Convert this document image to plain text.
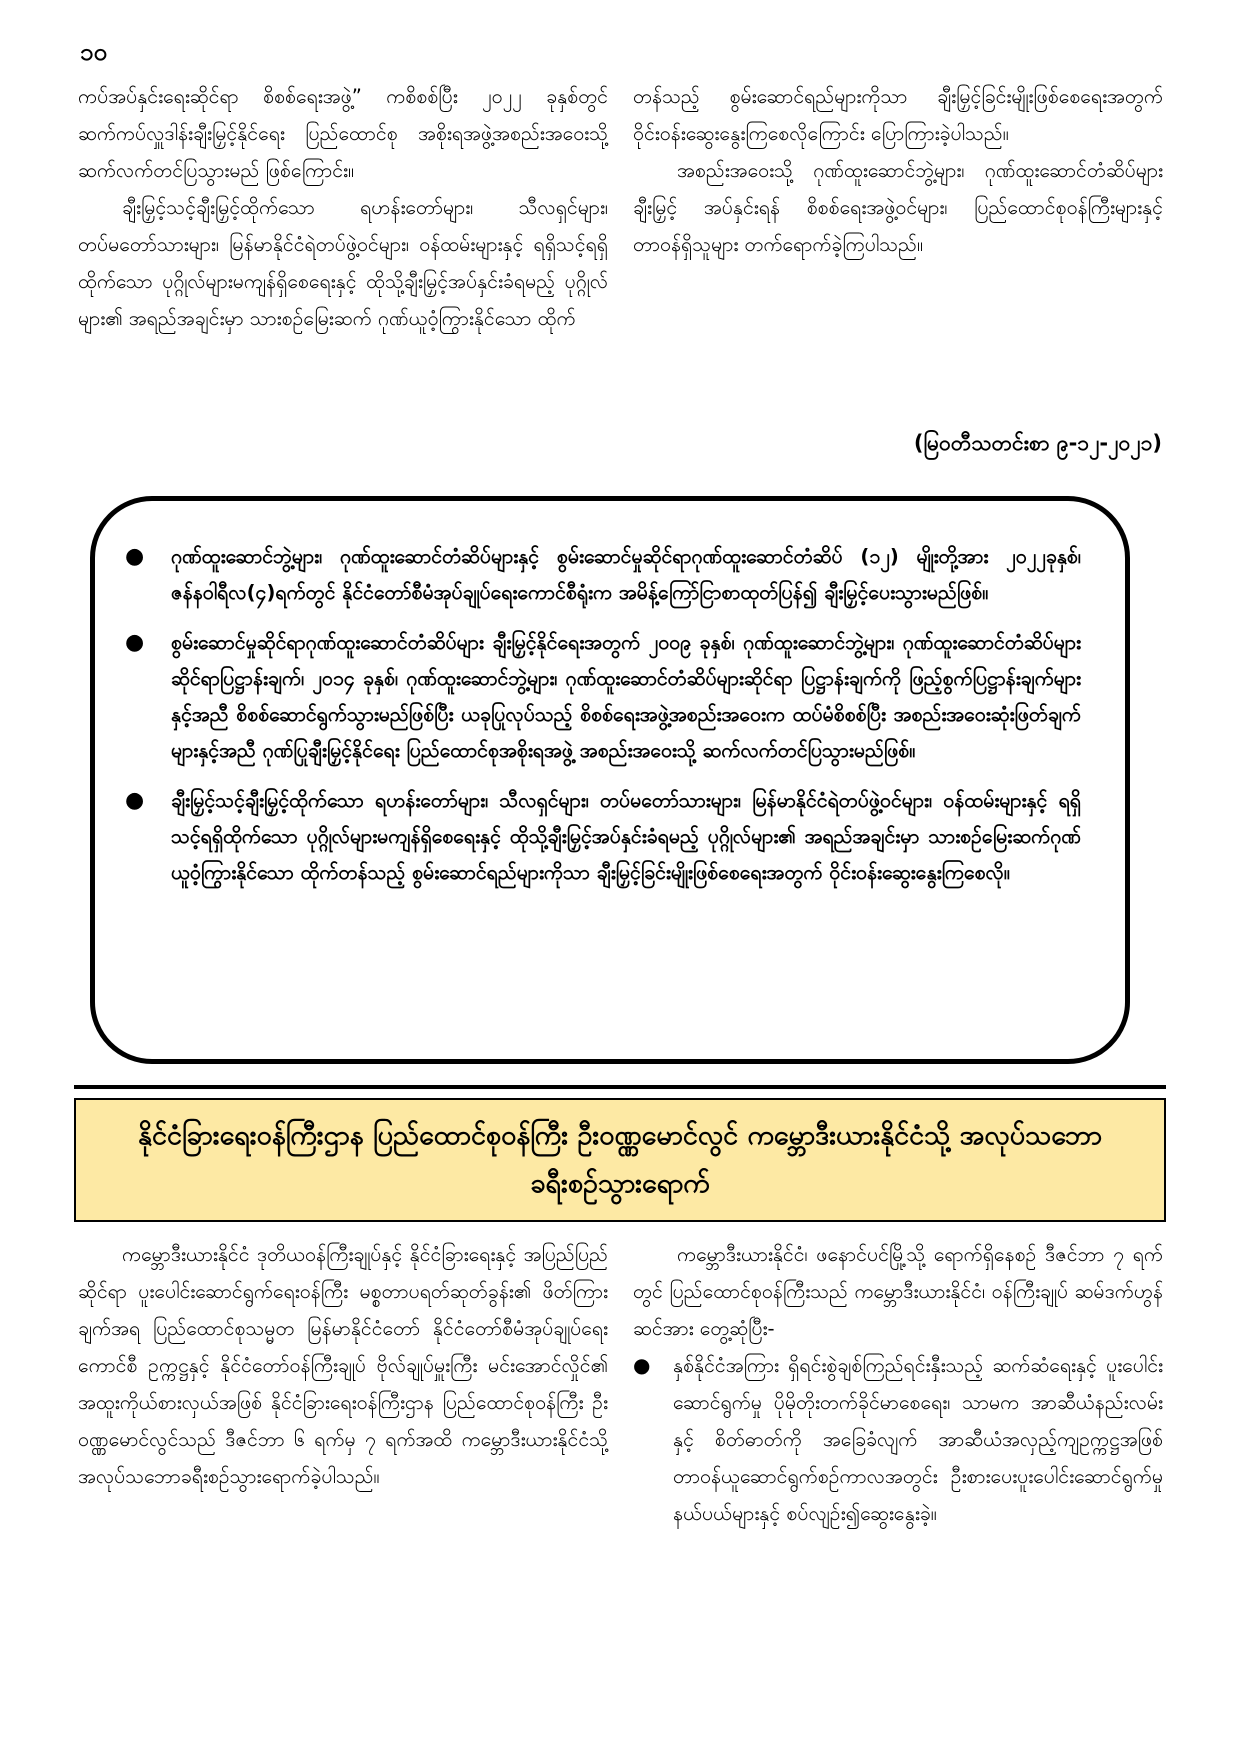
၁၀

ကပ်အပ်နှင်းရေးဆိုင်ရာ စိစစ်ရေးအဖွဲ့” ကစိစစ်ပြီး ၂၀၂၂ ခုနှစ်တွင် ဆက်ကပ်လှူဒါန်းချီးမြှင့်နိုင်ရေး ပြည်ထောင်စု အစိုးရအဖွဲ့အစည်းအဝေးသို့ ဆက်လက်တင်ပြသွားမည် ဖြစ်ကြောင်း။

ချီးမြှင့်သင့်ချီးမြှင့်ထိုက်သော ရဟန်းတော်များ၊ သီလရှင်များ၊ တပ်မတော်သားများ၊ မြန်မာနိုင်ငံရဲတပ်ဖွဲ့ဝင်များ၊ ဝန်ထမ်းများနှင့် ရရှိသင့်ရရှိထိုက်သော ပုဂ္ဂိုလ်များမကျန်ရှိစေရေးနှင့် ထိုသို့ချီးမြှင့်အပ်နှင်းခံရမည့် ပုဂ္ဂိုလ်များ၏ အရည်အချင်းမှာ သားစဉ်မြေးဆက် ဂုဏ်ယူဝံ့ကြွားနိုင်သော ထိုက်

တန်သည့် စွမ်းဆောင်ရည်များကိုသာ ချီးမြှင့်ခြင်းမျိုးဖြစ်စေရေးအတွက် ဝိုင်းဝန်းဆွေးနွေးကြစေလိုကြောင်း ပြောကြားခဲ့ပါသည်။

အစည်းအဝေးသို့ ဂုဏ်ထူးဆောင်ဘွဲ့များ၊ ဂုဏ်ထူးဆောင်တံဆိပ်များချီးမြှင့် အပ်နှင်းရန် စိစစ်ရေးအဖွဲ့ဝင်များ၊ ပြည်ထောင်စုဝန်ကြီးများနှင့် တာဝန်ရှိသူများ တက်ရောက်ခဲ့ကြပါသည်။

(မြဝတီသတင်းစာ ၉-၁၂-၂၀၂၁)
● ဂုဏ်ထူးဆောင်ဘွဲ့များ၊ ဂုဏ်ထူးဆောင်တံဆိပ်များနှင့် စွမ်းဆောင်မှုဆိုင်ရာဂုဏ်ထူးဆောင်တံဆိပ် (၁၂) မျိုးတို့အား ၂၀၂၂ခုနှစ်၊ ဇန်နဝါရီလ(၄)ရက်တွင် နိုင်ငံတော်စီမံအုပ်ချုပ်ရေးကောင်စီရုံးက အမိန့်ကြော်ငြာစာထုတ်ပြန်၍ ချီးမြှင့်ပေးသွားမည်ဖြစ်။
● စွမ်းဆောင်မှုဆိုင်ရာဂုဏ်ထူးဆောင်တံဆိပ်များ ချီးမြှင့်နိုင်ရေးအတွက် ၂၀၀၉ ခုနှစ်၊ ဂုဏ်ထူးဆောင်ဘွဲ့များ၊ ဂုဏ်ထူးဆောင်တံဆိပ်များဆိုင်ရာပြဋ္ဌာန်းချက်၊ ၂၀၁၄ ခုနှစ်၊ ဂုဏ်ထူးဆောင်ဘွဲ့များ၊ ဂုဏ်ထူးဆောင်တံဆိပ်များဆိုင်ရာ ပြဋ္ဌာန်းချက်ကို ဖြည့်စွက်ပြဋ္ဌာန်းချက်များနှင့်အညီ စိစစ်ဆောင်ရွက်သွားမည်ဖြစ်ပြီး ယခုပြုလုပ်သည့် စိစစ်ရေးအဖွဲ့အစည်းအဝေးက ထပ်မံစိစစ်ပြီး အစည်းအဝေးဆုံးဖြတ်ချက်များနှင့်အညီ ဂုဏ်ပြုချီးမြှင့်နိုင်ရေး ပြည်ထောင်စုအစိုးရအဖွဲ့ အစည်းအဝေးသို့ ဆက်လက်တင်ပြသွားမည်ဖြစ်။
● ချီးမြှင့်သင့်ချီးမြှင့်ထိုက်သော ရဟန်းတော်များ၊ သီလရှင်များ၊ တပ်မတော်သားများ၊ မြန်မာနိုင်ငံရဲတပ်ဖွဲ့ဝင်များ၊ ဝန်ထမ်းများနှင့် ရရှိသင့်ရရှိထိုက်သော ပုဂ္ဂိုလ်များမကျန်ရှိစေရေးနှင့် ထိုသို့ချီးမြှင့်အပ်နှင်းခံရမည့် ပုဂ္ဂိုလ်များ၏ အရည်အချင်းမှာ သားစဉ်မြေးဆက်ဂုဏ်ယူဝံ့ကြွားနိုင်သော ထိုက်တန်သည့် စွမ်းဆောင်ရည်များကိုသာ ချီးမြှင့်ခြင်းမျိုးဖြစ်စေရေးအတွက် ဝိုင်းဝန်းဆွေးနွေးကြစေလို။
နိုင်ငံခြားရေးဝန်ကြီးဌာန ပြည်ထောင်စုဝန်ကြီး ဦးဝဏ္ဏမောင်လွင် ကမ္ဘောဒီးယားနိုင်ငံသို့ အလုပ်သဘောခရီးစဉ်သွားရောက်

ကမ္ဘောဒီးယားနိုင်ငံ ဒုတိယဝန်ကြီးချုပ်နှင့် နိုင်ငံခြားရေးနှင့် အပြည်ပြည်ဆိုင်ရာ ပူးပေါင်းဆောင်ရွက်ရေးဝန်ကြီး မစ္စတာပရတ်ဆုတ်ခွန်း၏ ဖိတ်ကြားချက်အရ ပြည်ထောင်စုသမ္မတ မြန်မာနိုင်ငံတော် နိုင်ငံတော်စီမံအုပ်ချုပ်ရေးကောင်စီ ဥက္ကဋ္ဌနှင့် နိုင်ငံတော်ဝန်ကြီးချုပ် ဗိုလ်ချုပ်မှူးကြီး မင်းအောင်လှိုင်၏ အထူးကိုယ်စားလှယ်အဖြစ် နိုင်ငံခြားရေးဝန်ကြီးဌာန ပြည်ထောင်စုဝန်ကြီး ဦးဝဏ္ဏမောင်လွင်သည် ဒီဇင်ဘာ ၆ ရက်မှ ၇ ရက်အထိ ကမ္ဘောဒီးယားနိုင်ငံသို့ အလုပ်သဘောခရီးစဉ်သွားရောက်ခဲ့ပါသည်။

ကမ္ဘောဒီးယားနိုင်ငံ၊ ဖနောင်ပင်မြို့သို့ ရောက်ရှိနေစဉ် ဒီဇင်ဘာ ၇ ရက်တွင် ပြည်ထောင်စုဝန်ကြီးသည် ကမ္ဘောဒီးယားနိုင်ငံ၊ ဝန်ကြီးချုပ် ဆမ်ဒက်ဟွန်ဆင်အား တွေ့ဆုံပြီး-

● နှစ်နိုင်ငံအကြား ရှိရင်းစွဲချစ်ကြည်ရင်းနှီးသည့် ဆက်ဆံရေးနှင့် ပူးပေါင်းဆောင်ရွက်မှု ပိုမိုတိုးတက်ခိုင်မာစေရေး၊ သာမက အာဆီယံနည်းလမ်းနှင့် စိတ်ဓာတ်ကို အခြေခံလျက် အာဆီယံအလှည့်ကျဥက္ကဋ္ဌအဖြစ် တာဝန်ယူဆောင်ရွက်စဉ်ကာလအတွင်း ဦးစားပေးပူးပေါင်းဆောင်ရွက်မှုနယ်ပယ်များနှင့် စပ်လျဉ်း၍ဆွေးနွေးခဲ့။
